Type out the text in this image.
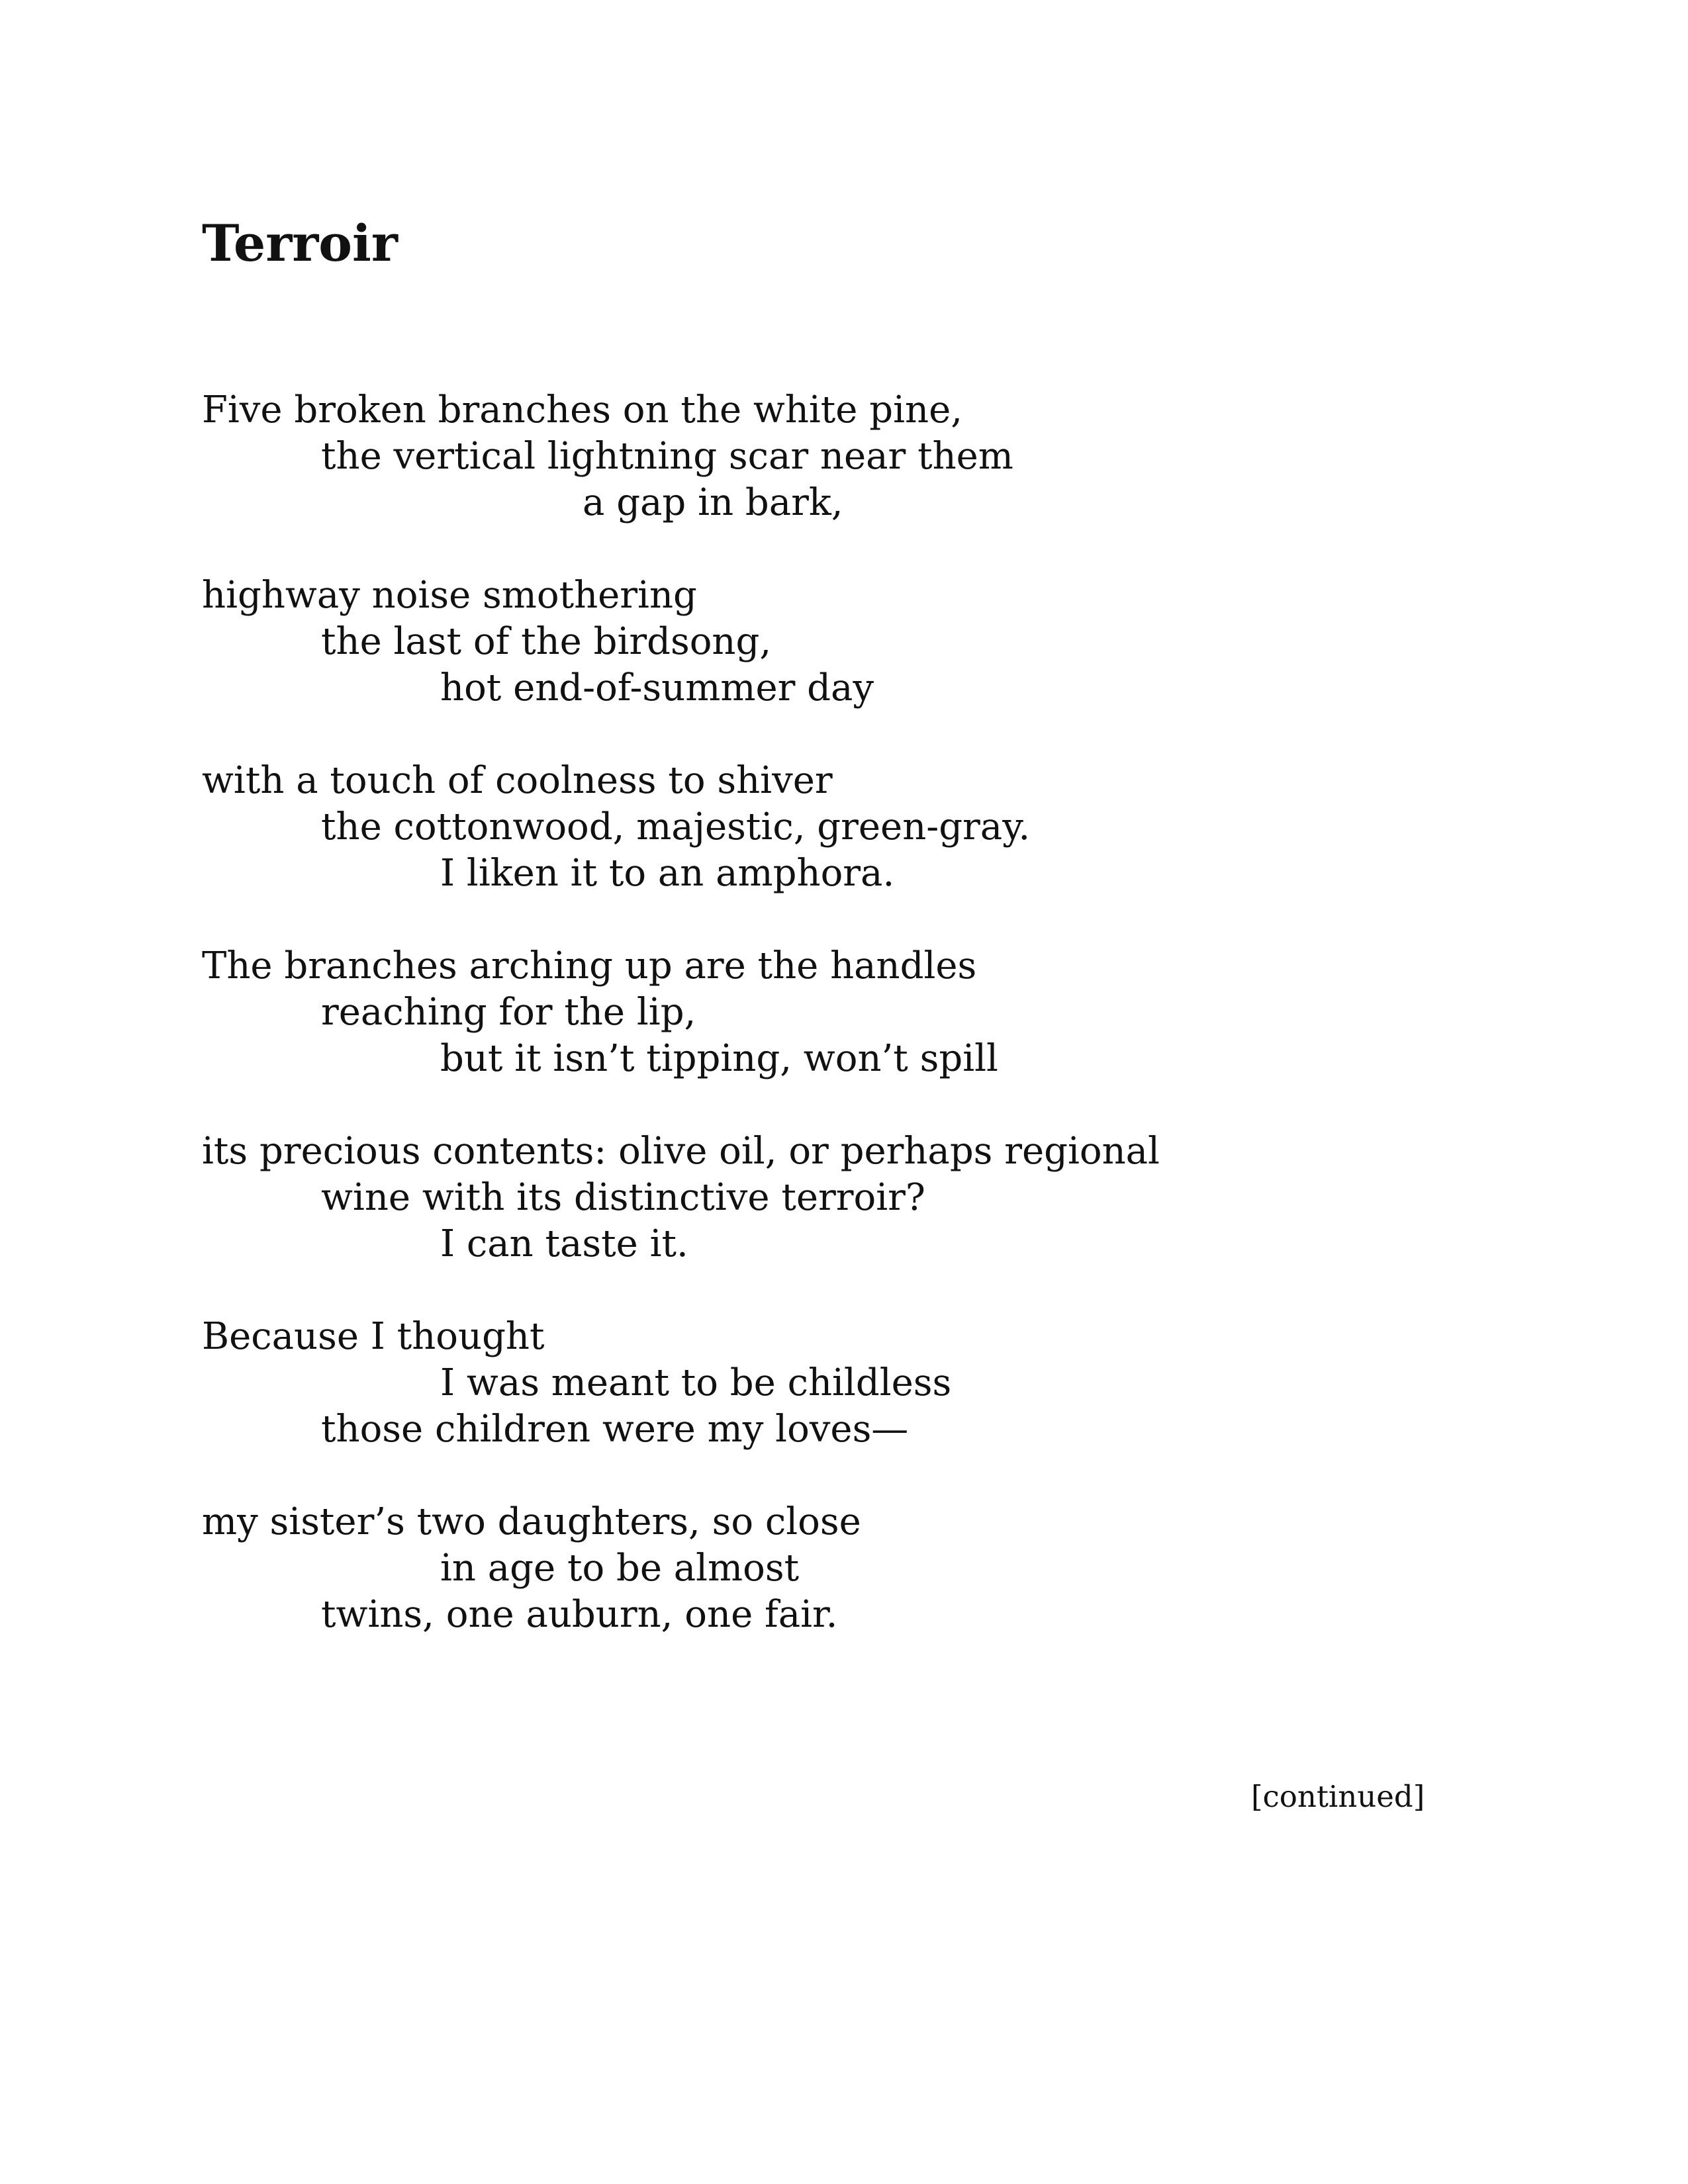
Terroir
Five broken branches on the white pine,
the vertical lightning scar near them
a gap in bark,
highway noise smothering
the last of the birdsong,
hot end-of-summer day
with a touch of coolness to shiver
the cottonwood, majestic, green-gray.
I liken it to an amphora.
The branches arching up are the handles
reaching for the lip,
but it isn’t tipping, won’t spill
its precious contents: olive oil, or perhaps regional
wine with its distinctive terroir?
I can taste it.
Because I thought
I was meant to be childless
those children were my loves—
my sister’s two daughters, so close
in age to be almost
twins, one auburn, one fair.
[continued]
